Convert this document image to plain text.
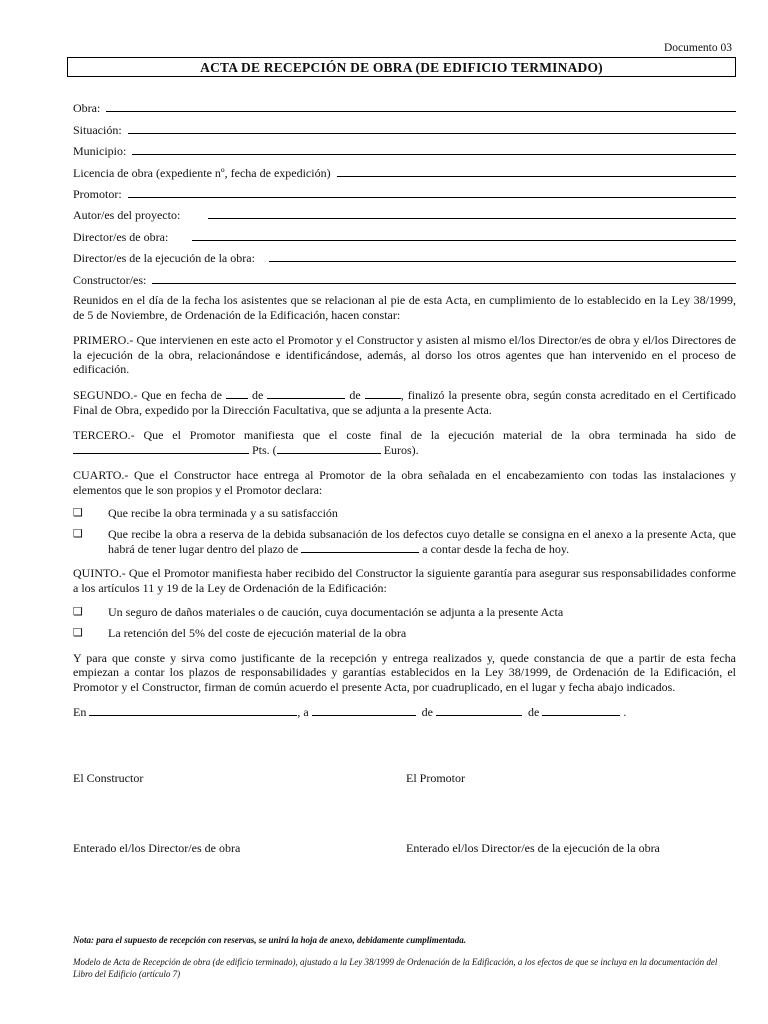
Documento 03
ACTA DE RECEPCIÓN DE OBRA (DE EDIFICIO TERMINADO)
Obra:
Situación:
Municipio:
Licencia de obra (expediente nº, fecha de expedición)
Promotor:
Autor/es del proyecto:
Director/es de obra:
Director/es de la ejecución de la obra:
Constructor/es:

Reunidos en el día de la fecha los asistentes que se relacionan al pie de esta Acta, en cumplimiento de lo establecido en la Ley 38/1999, de 5 de Noviembre, de Ordenación de la Edificación, hacen constar:

PRIMERO.- Que intervienen en este acto el Promotor y el Constructor y asisten al mismo el/los Director/es de obra y el/los Directores de la ejecución de la obra, relacionándose e identificándose, además, al dorso los otros agentes que han intervenido en el proceso de edificación.

SEGUNDO.- Que en fecha de	de	de	, finalizó la presente obra, según consta acreditado en el Certificado Final de Obra, expedido por la Dirección Facultativa, que se adjunta a la presente Acta.

TERCERO.- Que el Promotor manifiesta que el coste final de la ejecución material de la obra terminada ha sido de  Pts. (	Euros).

CUARTO.- Que el Constructor hace entrega al Promotor de la obra señalada en el encabezamiento con todas las instalaciones y elementos que le son propios y el Promotor declara:

❑	Que recibe la obra terminada y a su satisfacción
❑	Que recibe la obra a reserva de la debida subsanación de los defectos cuyo detalle se consigna en el anexo a la presente Acta, que habrá de tener lugar dentro del plazo de	a contar desde la fecha de hoy.

QUINTO.- Que el Promotor manifiesta haber recibido del Constructor la siguiente garantía para asegurar sus responsabilidades conforme a los artículos 11 y 19 de la Ley de Ordenación de la Edificación:

❑	Un seguro de daños materiales o de caución, cuya documentación se adjunta a la presente Acta
❑	La retención del 5% del coste de ejecución material de la obra

Y para que conste y sirva como justificante de la recepción y entrega realizados y, quede constancia de que a partir de esta fecha empiezan a contar los plazos de responsabilidades y garantías establecidos en la Ley 38/1999, de Ordenación de la Edificación, el Promotor y el Constructor, firman de común acuerdo el presente Acta, por cuadruplicado, en el lugar y fecha abajo indicados.

En	, a	de	de	.
El Constructor	El Promotor
Enterado el/los Director/es de obra	Enterado el/los Director/es de la ejecución de la obra
Nota: para el supuesto de recepción con reservas, se unirá la hoja de anexo, debidamente cumplimentada.
Modelo de Acta de Recepción de obra (de edificio terminado), ajustado a la Ley 38/1999 de Ordenación de la Edificación, a los efectos de que se incluya en la documentación del Libro del Edificio (artículo 7)
